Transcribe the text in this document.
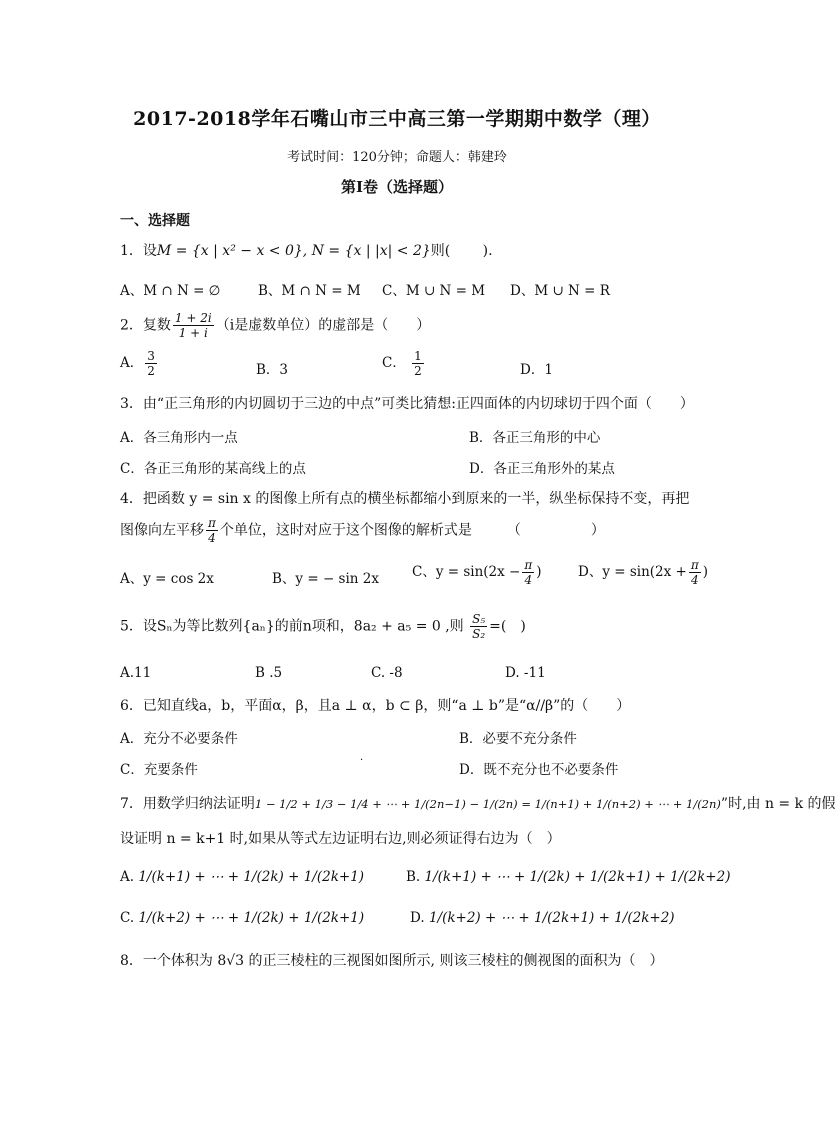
2017-2018学年石嘴山市三中高三第一学期期中数学（理）
考试时间：120分钟；命题人：韩建玲
第Ⅰ卷（选择题）
一、选择题
1．设M = {x | x² − x < 0}, N = {x | |x| < 2}则(　　 ).
A、M ∩ N = ∅	B、M ∩ N = M C、M ∪ N = M D、M ∪ N = R
2．复数 $\frac{1 + 2i}{1 + i} (i$是虚数单位）的虚部是（　　）
A． $\frac{3}{2}$	B．3	C． $\frac{1}{2}$	D．1
3．由“正三角形的内切圆切于三边的中点”可类比猜想:正四面体的内切球切于四个面（　　）
A．各三角形内一点	B．各正三角形的中心
C．各正三角形的某高线上的点	D．各正三角形外的某点
4．把函数 y = sin x 的图像上所有点的横坐标都缩小到原来的一半，纵坐标保持不变，再把
图像向左平移 $\frac{\pi}{4}$ 个单位，这时对应于这个图像的解析式是　　　（　　　　　）
A、y = cos 2x	B、y = − sin 2x C、$y = \sin(2x - \frac{\pi}{4}$ )	D、$y = \sin(2x + \frac{\pi}{4}$ )
5．设Sₙ为等比数列{aₙ}的前n项和，8a₂ + a₅ = 0 ,则 $\frac{\text{S₅}}{\text{S₂}}$ =(　)
A.11	B .5	C. -8	D. -11
6．已知直线a，b，平面α，β，且a ⊥ α，b ⊂ β，则“a ⊥ b”是“α//β”的（　　）
A．充分不必要条件	B．必要不充分条件
C．充要条件
·
D．既不充分也不必要条件
7．用数学归纳法证明1 − 1/2 + 1/3 − 1/4 + ⋯ + 1/(2n−1) − 1/(2n) = 1/(n+1) + 1/(n+2) + ⋯ + 1/(2n)”时,由 n = k 的假
设证明 n = k+1 时,如果从等式左边证明右边,则必须证得右边为（　）
A. 1/(k+1) + ⋯ + 1/(2k) + 1/(2k+1)	B. 1/(k+1) + ⋯ + 1/(2k) + 1/(2k+1) + 1/(2k+2)
C. 1/(k+2) + ⋯ + 1/(2k) + 1/(2k+1)	D. 1/(k+2) + ⋯ + 1/(2k+1) + 1/(2k+2)
8．一个体积为 8√3 的正三棱柱的三视图如图所示, 则该三棱柱的侧视图的面积为（　）
